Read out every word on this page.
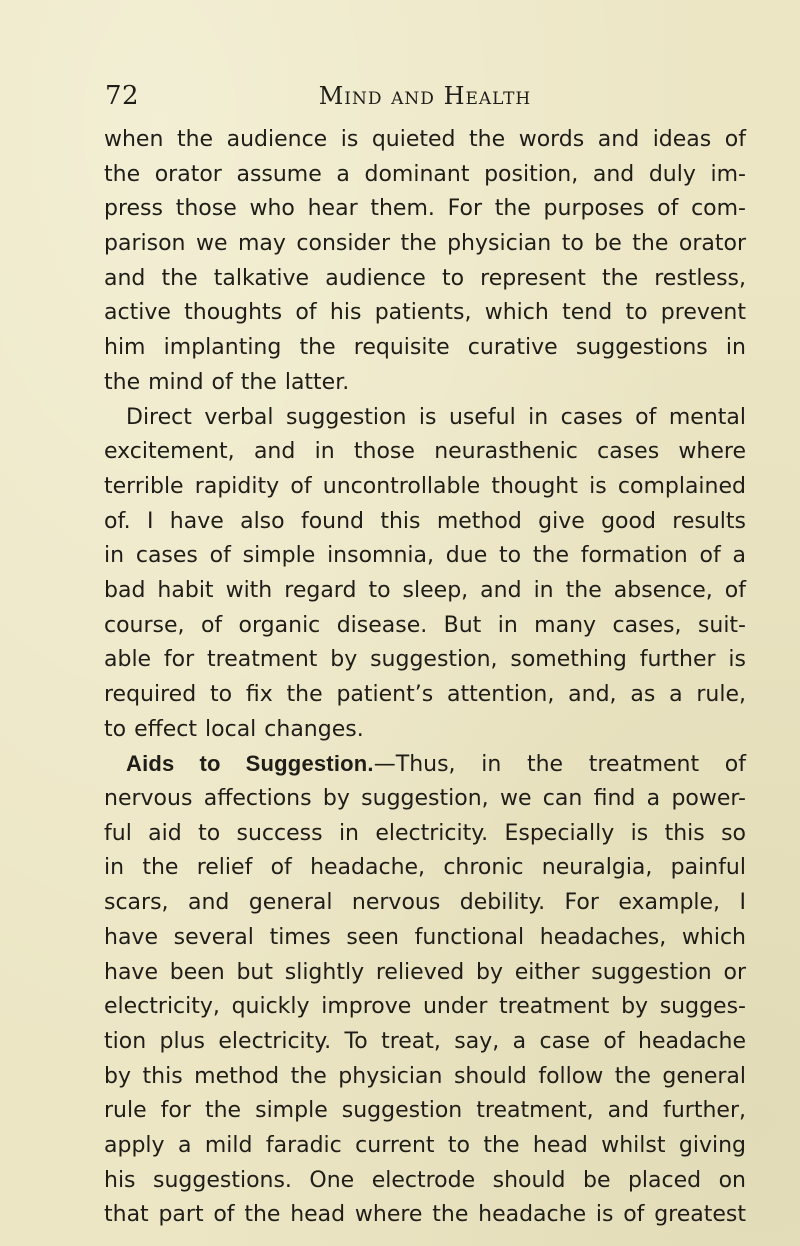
72	Mind and Health
when the audience is quieted the words and ideas of
the orator assume a dominant position, and duly im-
press those who hear them. For the purposes of com-
parison we may consider the physician to be the orator
and the talkative audience to represent the restless,
active thoughts of his patients, which tend to prevent
him implanting the requisite curative suggestions in
the mind of the latter.
Direct verbal suggestion is useful in cases of mental
excitement, and in those neurasthenic cases where
terrible rapidity of uncontrollable thought is complained
of. I have also found this method give good results
in cases of simple insomnia, due to the formation of a
bad habit with regard to sleep, and in the absence, of
course, of organic disease. But in many cases, suit-
able for treatment by suggestion, something further is
required to fix the patient’s attention, and, as a rule,
to effect local changes.
Aids to Suggestion.—Thus, in the treatment of
nervous affections by suggestion, we can find a power-
ful aid to success in electricity. Especially is this so
in the relief of headache, chronic neuralgia, painful
scars, and general nervous debility. For example, I
have several times seen functional headaches, which
have been but slightly relieved by either suggestion or
electricity, quickly improve under treatment by sugges-
tion plus electricity. To treat, say, a case of headache
by this method the physician should follow the general
rule for the simple suggestion treatment, and further,
apply a mild faradic current to the head whilst giving
his suggestions. One electrode should be placed on
that part of the head where the headache is of greatest
